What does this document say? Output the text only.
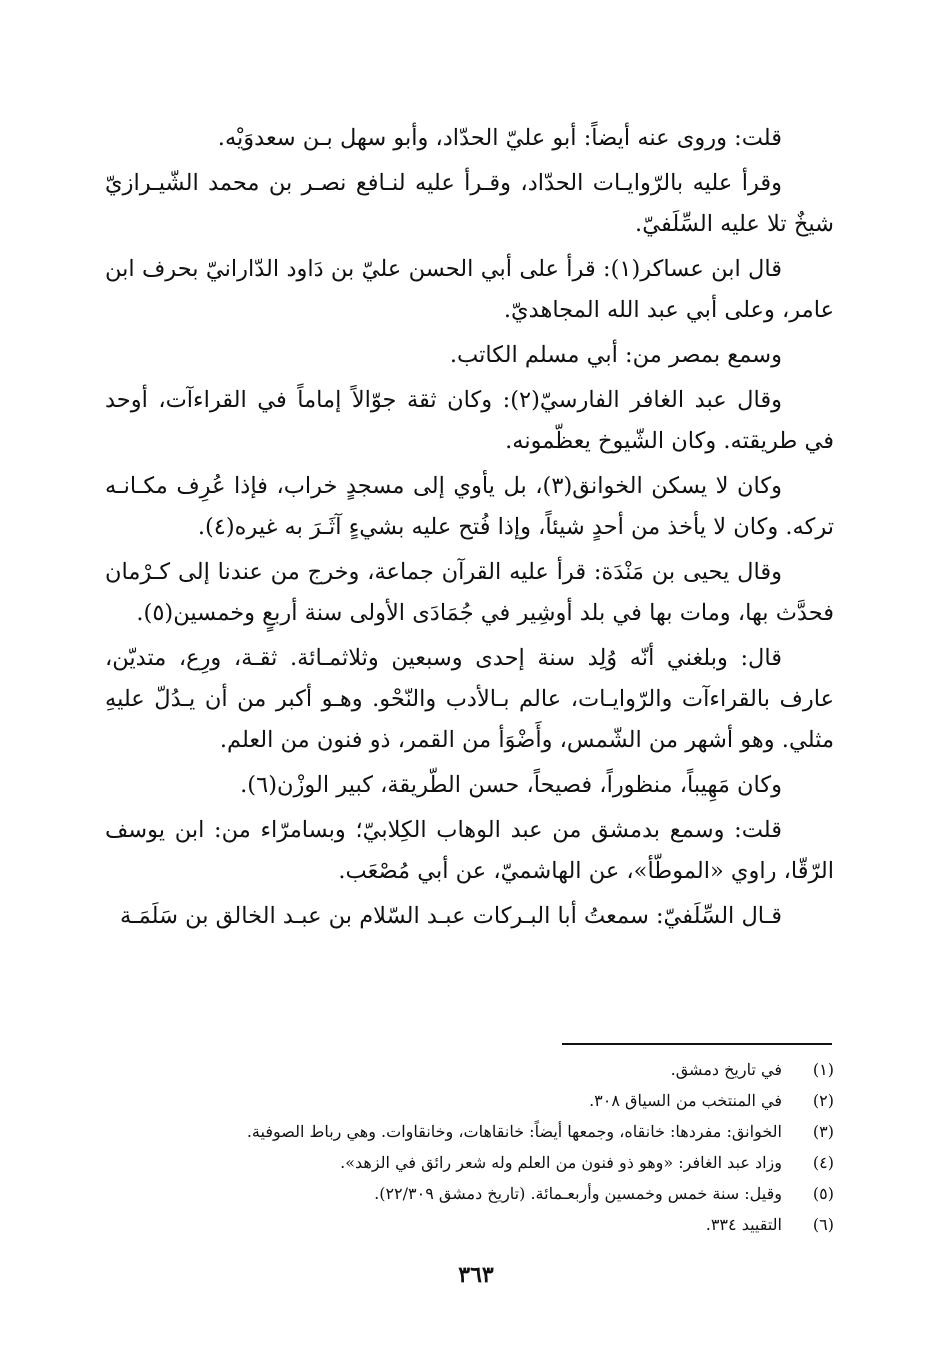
قلت: وروى عنه أيضاً: أبو عليّ الحدّاد، وأبو سهل بـن سعدوَيْه.

وقرأ عليه بالرّوايـات الحدّاد، وقـرأ عليه لنـافع نصـر بن محمد الشّيـرازيّ شيخٌ تلا عليه السِّلَفيّ.

قال ابن عساكر(١): قرأ على أبي الحسن عليّ بن دَاود الدّارانيّ بحرف ابن عامر، وعلى أبي عبد الله المجاهديّ.

وسمع بمصر من: أبي مسلم الكاتب.

وقال عبد الغافر الفارسيّ(٢): وكان ثقة جوّالاً إماماً في القراءآت، أوحد في طريقته. وكان الشّيوخ يعظّمونه.

وكان لا يسكن الخوانق(٣)، بل يأوي إلى مسجدٍ خراب، فإذا عُرِف مكـانـه تركه. وكان لا يأخذ من أحدٍ شيئاً، وإذا فُتح عليه بشيءٍ آثَـرَ به غيره(٤).

وقال يحيى بن مَنْدَة: قرأ عليه القرآن جماعة، وخرج من عندنا إلى كـرْمان فحدَّث بها، ومات بها في بلد أوشِير في جُمَادَى الأولى سنة أربعٍ وخمسين(٥).

قال: وبلغني أنّه وُلِد سنة إحدى وسبعين وثلاثمـائة. ثقـة، ورِع، متديّن، عارف بالقراءآت والرّوايـات، عالم بـالأدب والنّحْو. وهـو أكبر من أن يـدُلّ عليهِ مثلي. وهو أشهر من الشّمس، وأَضْوَأ من القمر، ذو فنون من العلم.

وكان مَهِيباً، منظوراً، فصيحاً، حسن الطّريقة، كبير الوزْن(٦).

قلت: وسمع بدمشق من عبد الوهاب الكِلابيّ؛ وبسامرّاء من: ابن يوسف الرّقّا، راوي «الموطّأ»، عن الهاشميّ، عن أبي مُصْعَب.

قـال السِّلَفيّ: سمعتُ أبا البـركات عبـد السّلام بن عبـد الخالق بن سَلَمَـة

(١)
في تاريخ دمشق.
(٢)
في المنتخب من السياق ٣٠٨.
(٣)
الخوانق: مفردها: خانقاه، وجمعها أيضاً: خانقاهات، وخانقاوات. وهي رباط الصوفية.
(٤)
وزاد عبد الغافر: «وهو ذو فنون من العلم وله شعر رائق في الزهد».
(٥)
وقيل: سنة خمس وخمسين وأربعـمائة. (تاريخ دمشق ٢٢/٣٠٩).
(٦)
التقييد ٣٣٤.
٣٦٣
